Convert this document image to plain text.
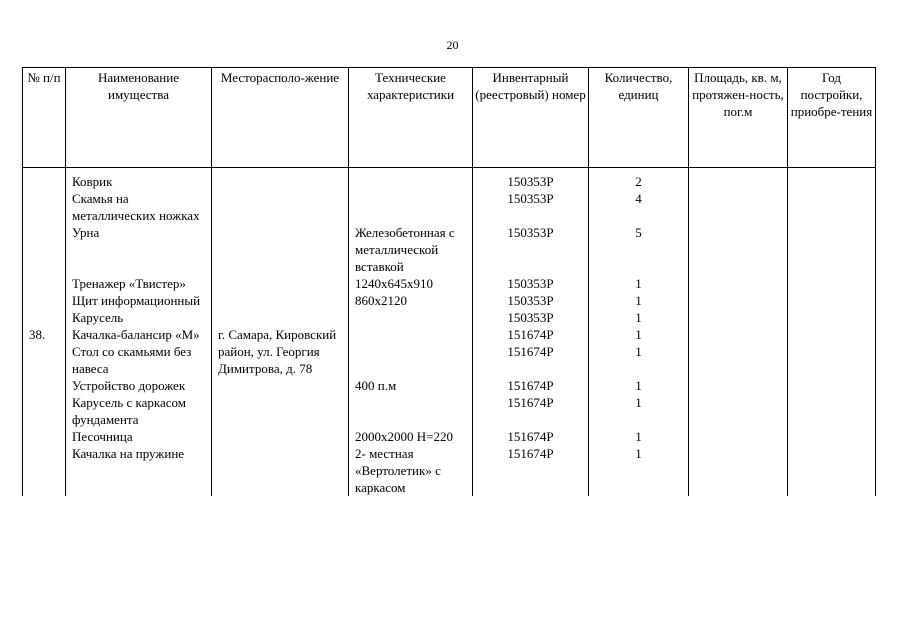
20
№ п/п	Наименование имущества	Месторасполо-жение	Технические характеристики	Инвентарный (реестровый) номер	Количество, единиц	Площадь, кв. м, протяжен-ность, пог.м	Год постройки, приобре-тения
	Коврик			150353Р	2		
	Скамья на металлических ножках			150353Р	4		
	Урна		Железобетонная с металлической вставкой	150353Р	5		
	Тренажер «Твистер»		1240х645х910	150353Р	1		
	Щит информационный		860х2120	150353Р	1		
	Карусель			150353Р	1		
38.	Качалка-балансир «М»	г. Самара, Кировский район, ул. Георгия Димитрова, д. 78		151674Р	1		
	Стол со скамьями без навеса			151674Р	1		
	Устройство дорожек		400 п.м	151674Р	1		
	Карусель с каркасом фундамента			151674Р	1		
	Песочница		2000х2000 Н=220	151674Р	1		
	Качалка на пружине		2- местная «Вертолетик» с каркасом	151674Р	1		
